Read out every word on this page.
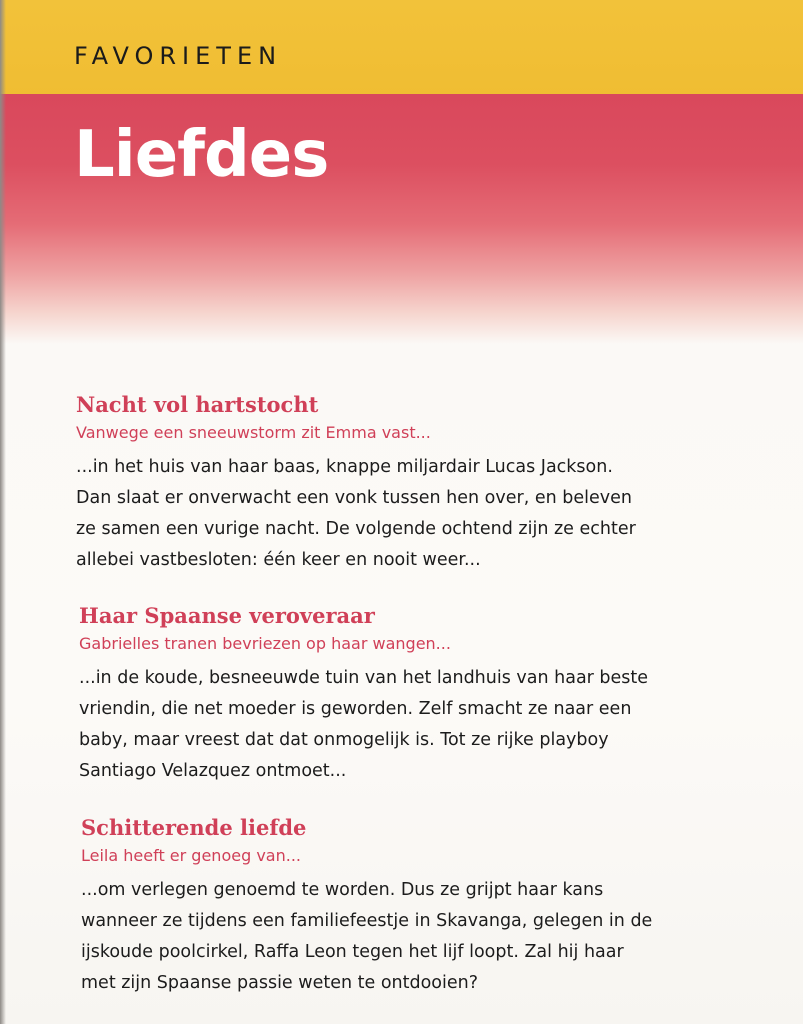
FAVORIETEN
Liefdes
Nacht vol hartstocht

Vanwege een sneeuwstorm zit Emma vast...

...in het huis van haar baas, knappe miljardair Lucas Jackson.
Dan slaat er onverwacht een vonk tussen hen over, en beleven
ze samen een vurige nacht. De volgende ochtend zijn ze echter
allebei vastbesloten: één keer en nooit weer...

Haar Spaanse veroveraar

Gabrielles tranen bevriezen op haar wangen...

...in de koude, besneeuwde tuin van het landhuis van haar beste
vriendin, die net moeder is geworden. Zelf smacht ze naar een
baby, maar vreest dat dat onmogelijk is. Tot ze rijke playboy
Santiago Velazquez ontmoet...

Schitterende liefde

Leila heeft er genoeg van...

...om verlegen genoemd te worden. Dus ze grijpt haar kans
wanneer ze tijdens een familiefeestje in Skavanga, gelegen in de
ijskoude poolcirkel, Raffa Leon tegen het lijf loopt. Zal hij haar
met zijn Spaanse passie weten te ontdooien?
